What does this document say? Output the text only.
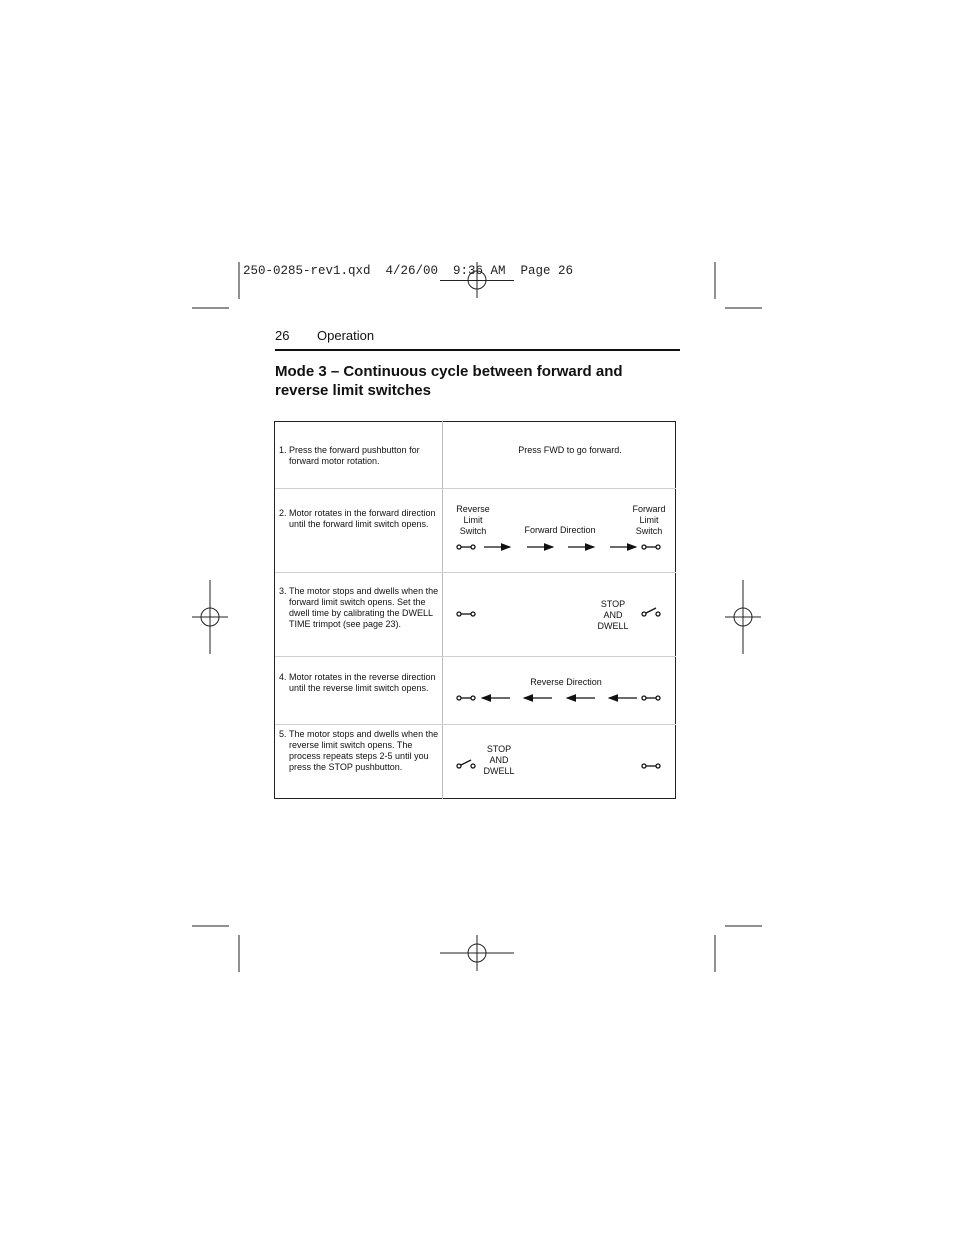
250-0285-rev1.qxd  4/26/00  9:36 AM  Page 26
26 Operation
Mode 3 – Continuous cycle between forward and reverse limit switches
1. Press the forward pushbutton for forward motor rotation.
2. Motor rotates in the forward direction until the forward limit switch opens.
3. The motor stops and dwells when the forward limit switch opens. Set the dwell time by calibrating the DWELL TIME trimpot (see page 23).
4. Motor rotates in the reverse direction until the reverse limit switch opens.
5. The motor stops and dwells when the reverse limit switch opens. The process repeats steps 2-5 until you press the STOP pushbutton.
Press FWD to go forward.
Reverse
Limit
Switch	Forward Direction
Forward
Limit
Switch
STOP
AND
DWELL
Reverse Direction
STOP
AND
DWELL
